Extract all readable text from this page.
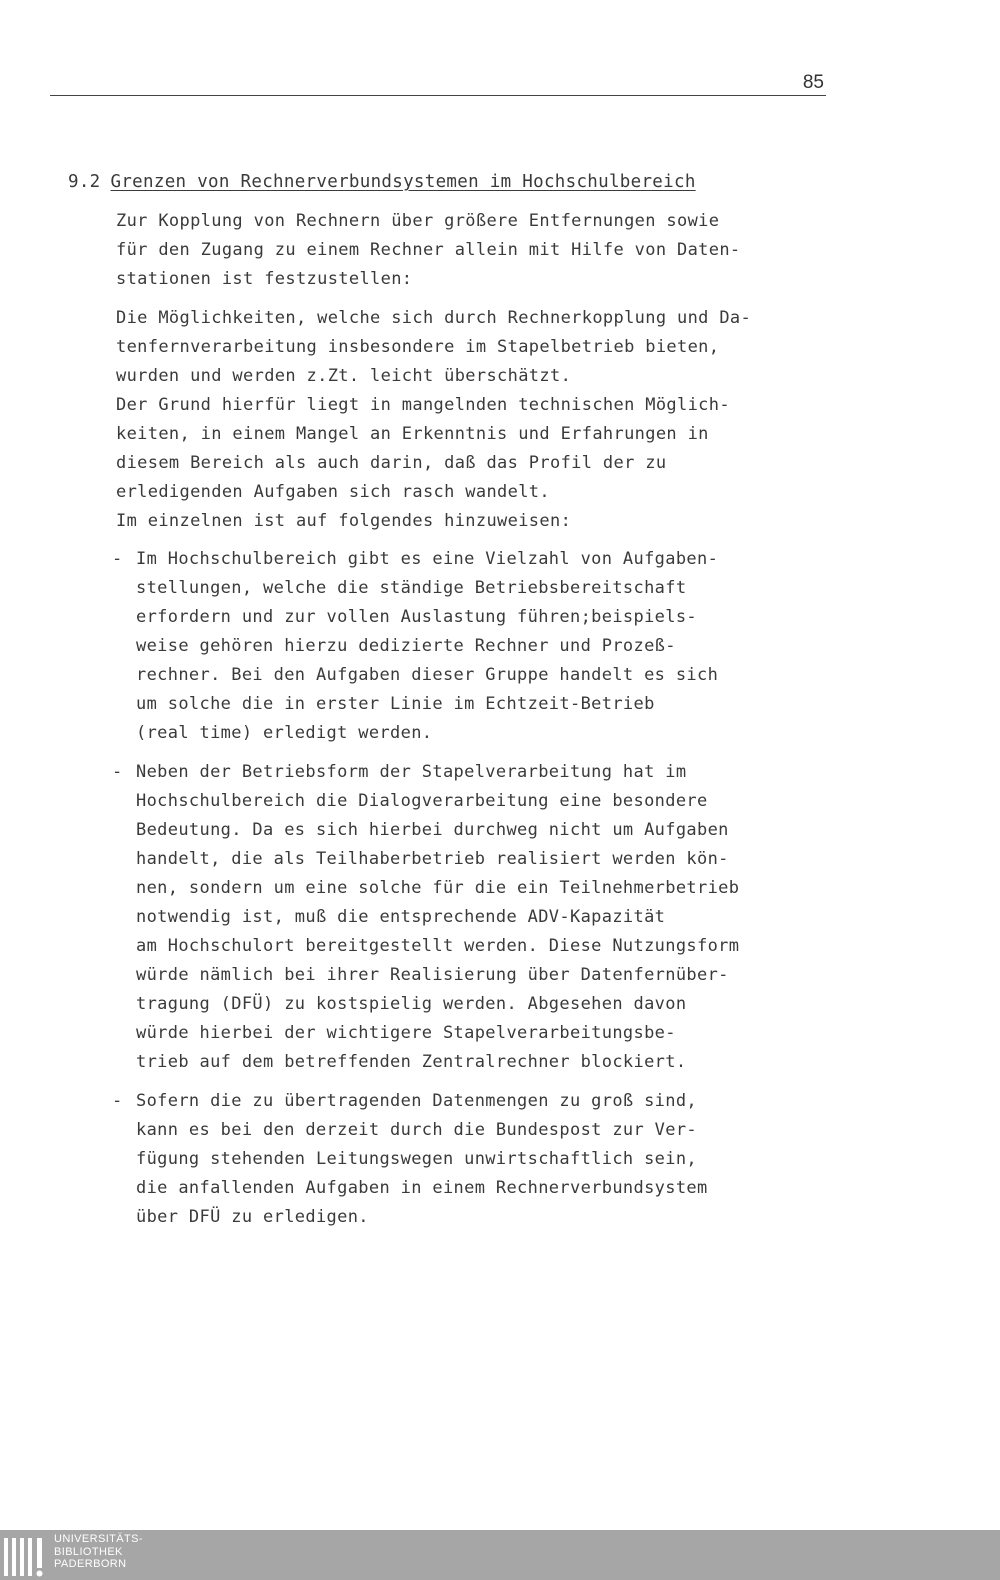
85
9.2 Grenzen von Rechnerverbundsystemen im Hochschulbereich

Zur Kopplung von Rechnern über größere Entfernungen sowie
für den Zugang zu einem Rechner allein mit Hilfe von Daten-
stationen ist festzustellen:

Die Möglichkeiten, welche sich durch Rechnerkopplung und Da-
tenfernverarbeitung insbesondere im Stapelbetrieb bieten,
wurden und werden z.Zt. leicht überschätzt.
Der Grund hierfür liegt in mangelnden technischen Möglich-
keiten, in einem Mangel an Erkenntnis und Erfahrungen in
diesem Bereich als auch darin, daß das Profil der zu
erledigenden Aufgaben sich rasch wandelt.
Im einzelnen ist auf folgendes hinzuweisen:

- Im Hochschulbereich gibt es eine Vielzahl von Aufgaben-
stellungen, welche die ständige Betriebsbereitschaft
erfordern und zur vollen Auslastung führen;beispiels-
weise gehören hierzu dedizierte Rechner und Prozeß-
rechner. Bei den Aufgaben dieser Gruppe handelt es sich
um solche die in erster Linie im Echtzeit-Betrieb
(real time) erledigt werden.

- Neben der Betriebsform der Stapelverarbeitung hat im
Hochschulbereich die Dialogverarbeitung eine besondere
Bedeutung. Da es sich hierbei durchweg nicht um Aufgaben
handelt, die als Teilhaberbetrieb realisiert werden kön-
nen, sondern um eine solche für die ein Teilnehmerbetrieb
notwendig ist, muß die entsprechende ADV-Kapazität
am Hochschulort bereitgestellt werden. Diese Nutzungsform
würde nämlich bei ihrer Realisierung über Datenfernüber-
tragung (DFÜ) zu kostspielig werden. Abgesehen davon
würde hierbei der wichtigere Stapelverarbeitungsbe-
trieb auf dem betreffenden Zentralrechner blockiert.

- Sofern die zu übertragenden Datenmengen zu groß sind,
kann es bei den derzeit durch die Bundespost zur Ver-
fügung stehenden Leitungswegen unwirtschaftlich sein,
die anfallenden Aufgaben in einem Rechnerverbundsystem
über DFÜ zu erledigen.

UNIVERSITÄTS-
BIBLIOTHEK
PADERBORN
